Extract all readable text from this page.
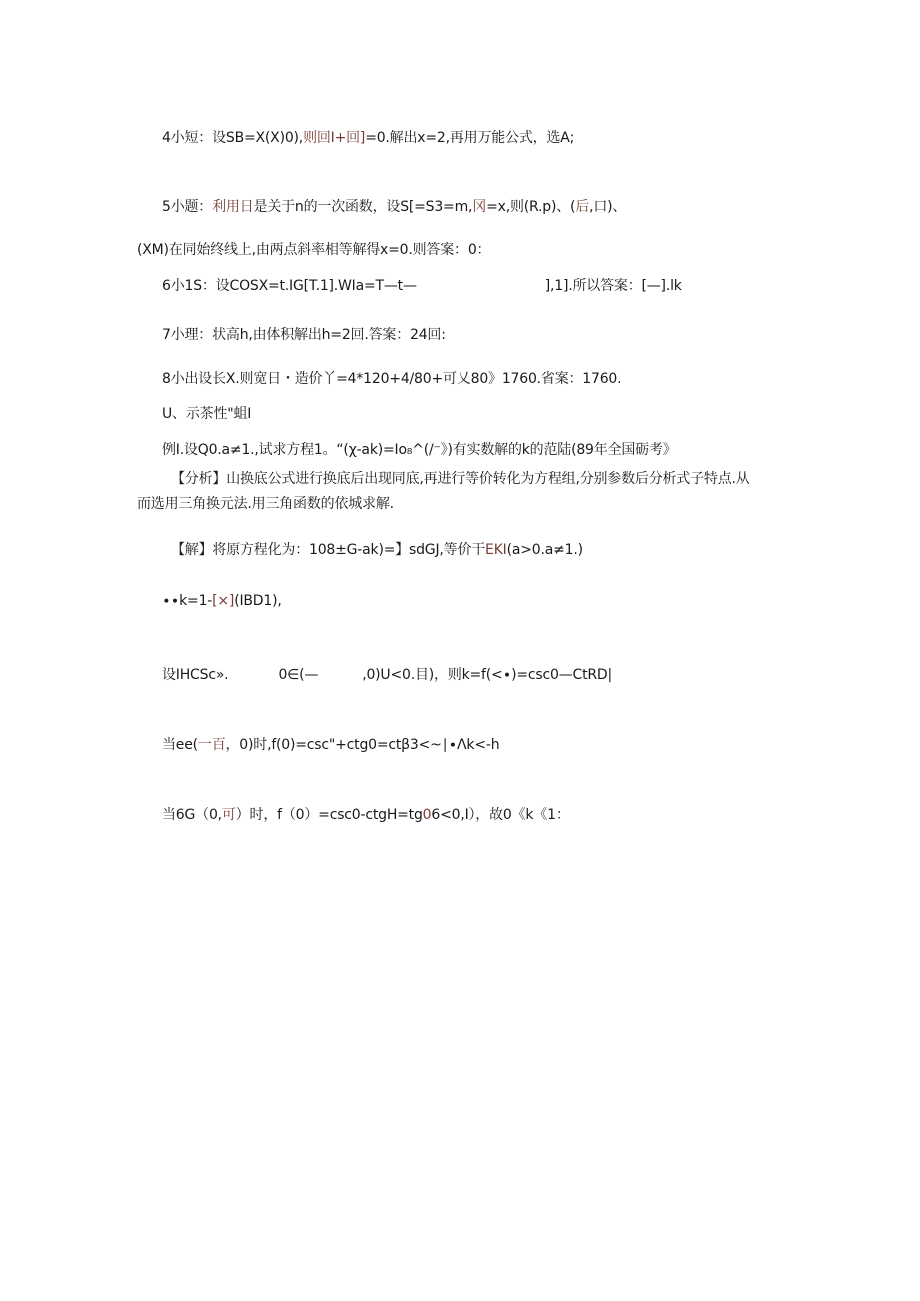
4小短：设SB=X(X)0),则回I+回]=0.解出x=2,再用万能公式，选A;
5小题：利用日是关于n的一次函数，设S[=S3=m,冈=x,则(R.p)、(后,口)、
(XM)在同始终线上,由两点斜率相等解得x=0.则答案：0：
6小1S：设COSX=t.IG[T.1].WIa=T—t—	],1].所以答案：[—].lk
7小理：状高h,由体积解出h=2回.答案：24回:
8小出设长X.则宽日・造价丫=4*120+4/80+可乂80》1760.省案：1760.
U、示茶性"蛆I
例I.设Q0.a≠1.,试求方程1。“(χ-ak)=Io₈^(/⁻》)有实数解的k的范陆(89年全国砺考》
【分析】山换底公式进行换底后出现同底,再进行等价转化为方程组,分别参数后分析式子特点.从
而选用三角换元法.用三角函数的依城求解.
【解】将原方程化为：108±G-ak)=】sdGJ,等价干EKI(a>0.a≠1.)
∙∙k=1-[×](IBD1),
设IHCSc».	0∈(—	,0)U<0.目)，则k=f(<∙)=csc0—CtRD|
当ee(一百，0)时,f(0)=csc"+ctg0=ctβ3<~∣∙Λk<-h
当6G（0,可）时，f（0）=csc0-ctgH=tg06<0,I），故0《k《1：
